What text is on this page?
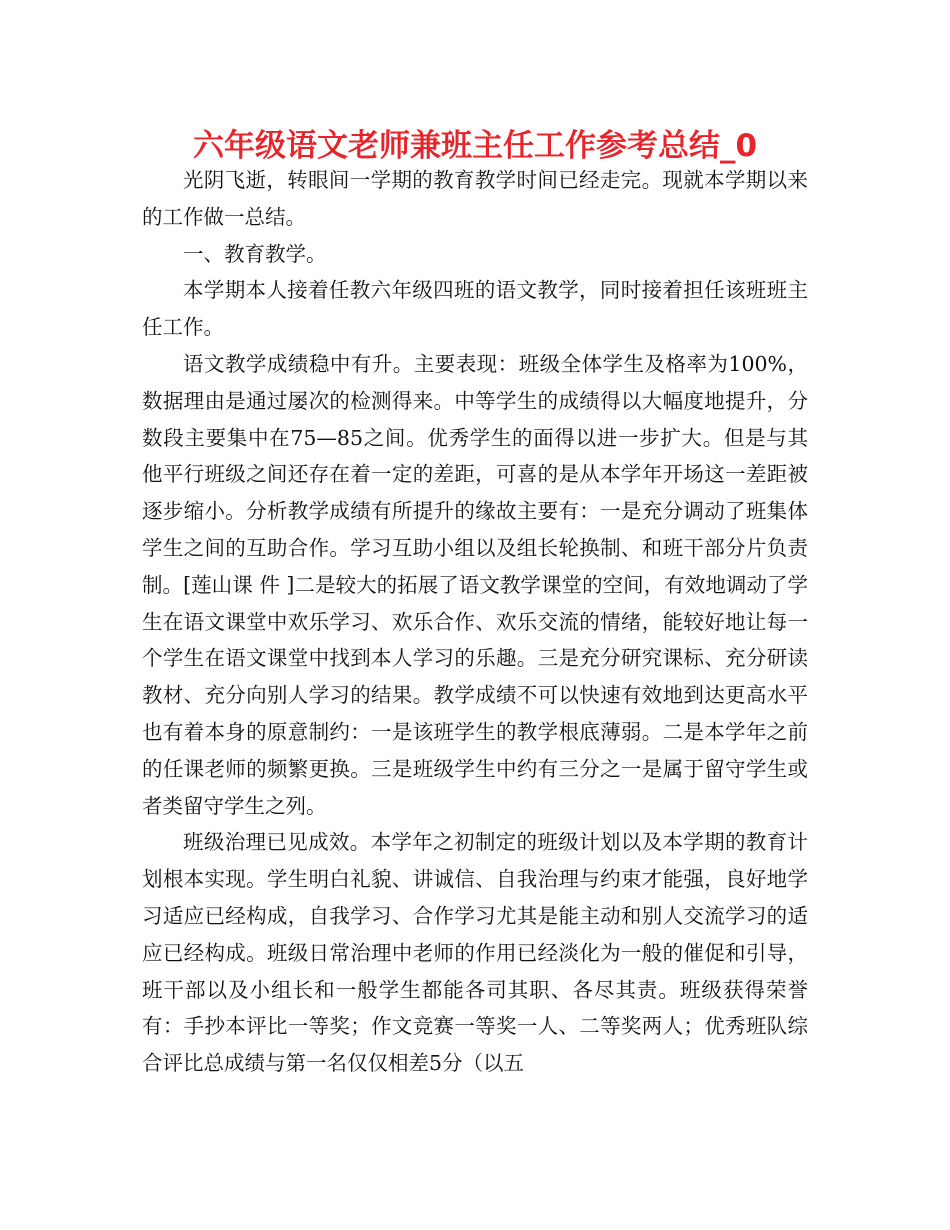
六年级语文老师兼班主任工作参考总结_0

光阴飞逝，转眼间一学期的教育教学时间已经走完。现就本学期以来的工作做一总结。

一、教育教学。

本学期本人接着任教六年级四班的语文教学，同时接着担任该班班主任工作。

语文教学成绩稳中有升。主要表现：班级全体学生及格率为100%，数据理由是通过屡次的检测得来。中等学生的成绩得以大幅度地提升，分数段主要集中在75—85之间。优秀学生的面得以进一步扩大。但是与其他平行班级之间还存在着一定的差距，可喜的是从本学年开场这一差距被逐步缩小。分析教学成绩有所提升的缘故主要有：一是充分调动了班集体学生之间的互助合作。学习互助小组以及组长轮换制、和班干部分片负责制。[莲山课 件 ]二是较大的拓展了语文教学课堂的空间，有效地调动了学生在语文课堂中欢乐学习、欢乐合作、欢乐交流的情绪，能较好地让每一个学生在语文课堂中找到本人学习的乐趣。三是充分研究课标、充分研读教材、充分向别人学习的结果。教学成绩不可以快速有效地到达更高水平也有着本身的原意制约：一是该班学生的教学根底薄弱。二是本学年之前的任课老师的频繁更换。三是班级学生中约有三分之一是属于留守学生或者类留守学生之列。

班级治理已见成效。本学年之初制定的班级计划以及本学期的教育计划根本实现。学生明白礼貌、讲诚信、自我治理与约束才能强，良好地学习适应已经构成，自我学习、合作学习尤其是能主动和别人交流学习的适应已经构成。班级日常治理中老师的作用已经淡化为一般的催促和引导，班干部以及小组长和一般学生都能各司其职、各尽其责。班级获得荣誉有：手抄本评比一等奖；作文竞赛一等奖一人、二等奖两人；优秀班队综合评比总成绩与第一名仅仅相差5分（以五
